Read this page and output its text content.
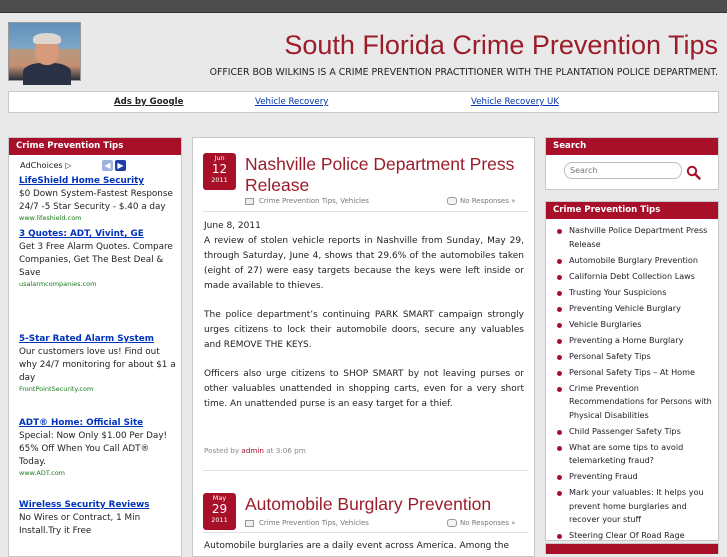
South Florida Crime Prevention Tips
OFFICER BOB WILKINS IS A CRIME PREVENTION PRACTITIONER WITH THE PLANTATION POLICE DEPARTMENT.
Ads by Google	Vehicle Recovery	Vehicle Recovery UK
Crime Prevention Tips
AdChoices ▷	◀ ▶
LifeShield Home Security
$0 Down System-Fastest Response 24/7 -5 Star Security - $.40 a day
www.lifeshield.com
3 Quotes: ADT, Vivint, GE
Get 3 Free Alarm Quotes. Compare Companies, Get The Best Deal & Save
usalarmcompanies.com
5-Star Rated Alarm System
Our customers love us! Find out why 24/7 monitoring for about $1 a day
FrontPointSecurity.com
ADT® Home: Official Site
Special: Now Only $1.00 Per Day! 65% Off When You Call ADT® Today.
www.ADT.com
Wireless Security Reviews
No Wires or Contract, 1 Min Install.Try it Free
Jun
12
2011
Nashville Police Department Press Release
Crime Prevention Tips, Vehicles	No Responses »

June 8, 2011
A review of stolen vehicle reports in Nashville from Sunday, May 29, through Saturday, June 4, shows that 29.6% of the automobiles taken (eight of 27) were easy targets because the keys were left inside or made available to thieves.

The police department’s continuing PARK SMART campaign strongly urges citizens to lock their automobile doors, secure any valuables and REMOVE THE KEYS.

Officers also urge citizens to SHOP SMART by not leaving purses or other valuables unattended in shopping carts, even for a very short time. An unattended purse is an easy target for a thief.

Posted by admin at 3:06 pm
May
29
2011
Automobile Burglary Prevention
Crime Prevention Tips, Vehicles	No Responses »
Automobile burglaries are a daily event across America. Among the
Search
Search
Crime Prevention Tips
Nashville Police Department Press Release
Automobile Burglary Prevention
California Debt Collection Laws
Trusting Your Suspicions
Preventing Vehicle Burglary
Vehicle Burglaries
Preventing a Home Burglary
Personal Safety Tips
Personal Safety Tips – At Home
Crime Prevention Recommendations for Persons with Physical Disabilities
Child Passenger Safety Tips
What are some tips to avoid telemarketing fraud?
Preventing Fraud
Mark your valuables: It helps you prevent home burglaries and recover your stuff
Steering Clear Of Road Rage
